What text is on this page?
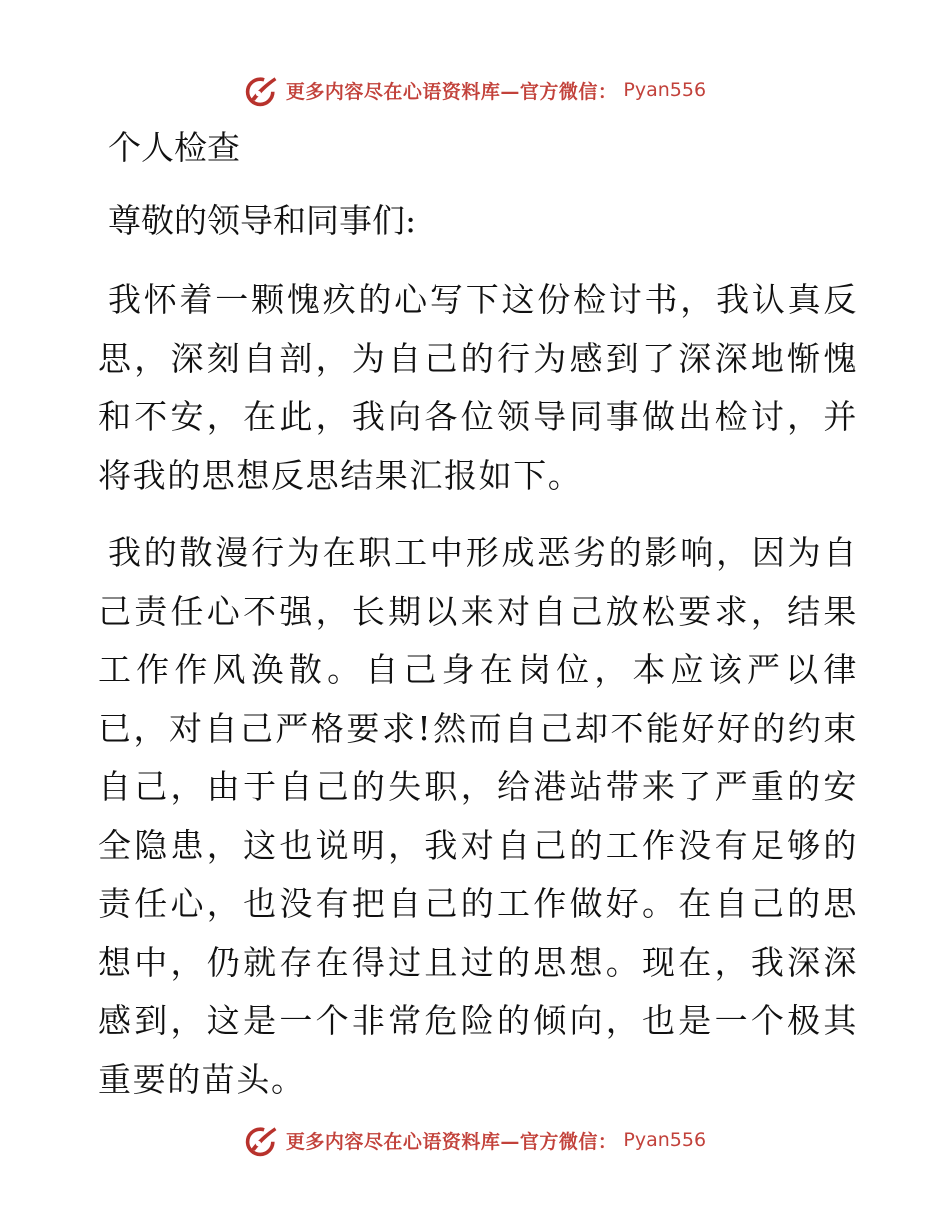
更多内容尽在心语资料库—官方微信： Pyan556
个人检查
尊敬的领导和同事们:

我怀着一颗愧疚的心写下这份检讨书，我认真反思，深刻自剖，为自己的行为感到了深深地惭愧和不安，在此，我向各位领导同事做出检讨，并将我的思想反思结果汇报如下。

我的散漫行为在职工中形成恶劣的影响，因为自己责任心不强，长期以来对自己放松要求，结果工作作风涣散。自己身在岗位，本应该严以律已，对自己严格要求!然而自己却不能好好的约束自己，由于自己的失职，给港站带来了严重的安全隐患，这也说明，我对自己的工作没有足够的责任心，也没有把自己的工作做好。在自己的思想中，仍就存在得过且过的思想。现在，我深深感到，这是一个非常危险的倾向，也是一个极其重要的苗头。

更多内容尽在心语资料库—官方微信： Pyan556
